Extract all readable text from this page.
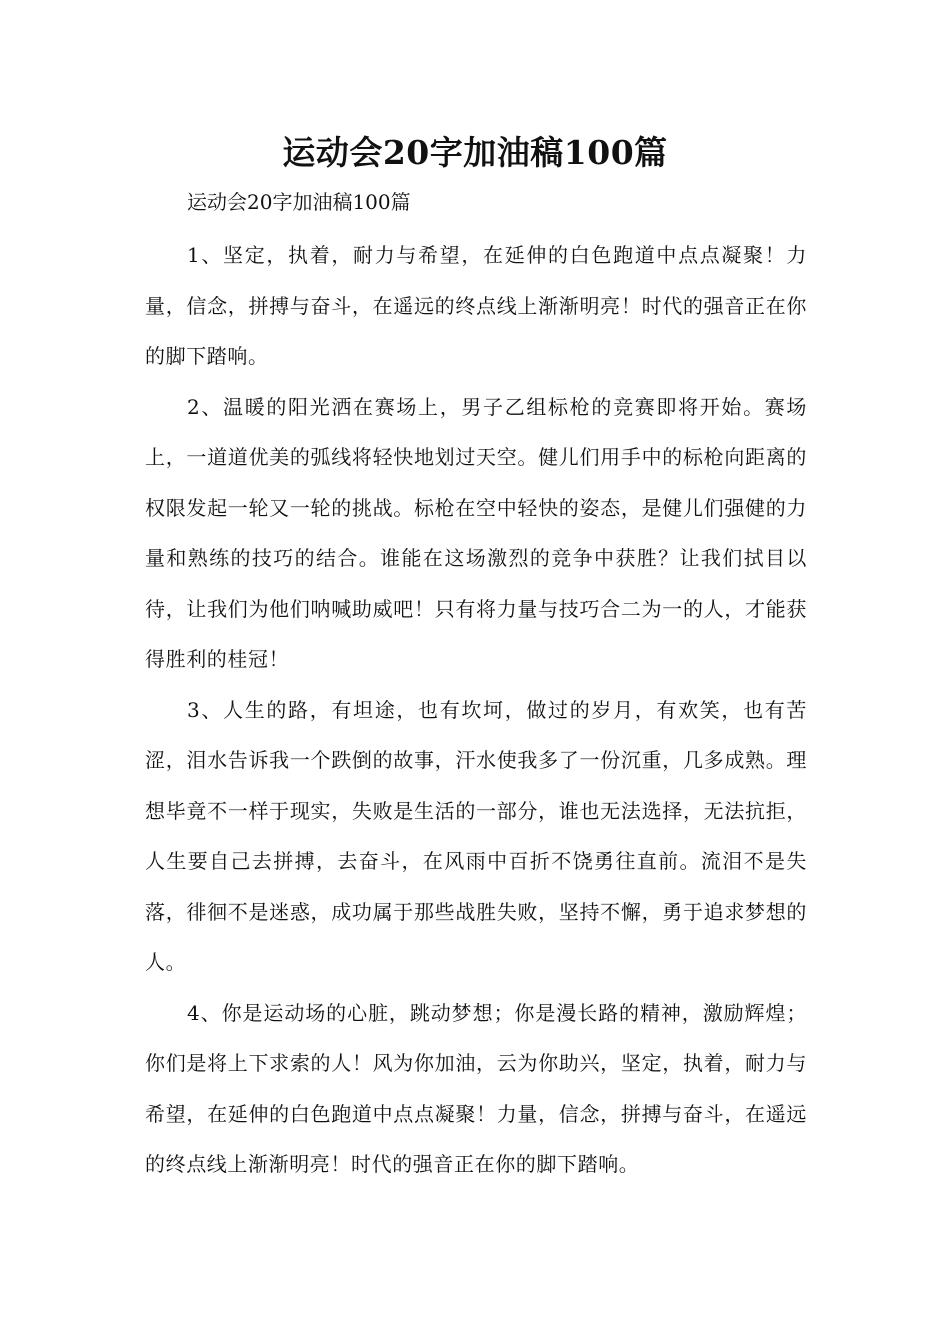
运动会20字加油稿100篇

运动会20字加油稿100篇

1、坚定，执着，耐力与希望，在延伸的白色跑道中点点凝聚！力量，信念，拼搏与奋斗，在遥远的终点线上渐渐明亮！时代的强音正在你的脚下踏响。

2、温暖的阳光洒在赛场上，男子乙组标枪的竞赛即将开始。赛场上，一道道优美的弧线将轻快地划过天空。健儿们用手中的标枪向距离的权限发起一轮又一轮的挑战。标枪在空中轻快的姿态，是健儿们强健的力量和熟练的技巧的结合。谁能在这场激烈的竞争中获胜？让我们拭目以待，让我们为他们呐喊助威吧！只有将力量与技巧合二为一的人，才能获得胜利的桂冠！

3、人生的路，有坦途，也有坎坷，做过的岁月，有欢笑，也有苦涩，泪水告诉我一个跌倒的故事，汗水使我多了一份沉重，几多成熟。理想毕竟不一样于现实，失败是生活的一部分，谁也无法选择，无法抗拒，人生要自己去拼搏，去奋斗，在风雨中百折不饶勇往直前。流泪不是失落，徘徊不是迷惑，成功属于那些战胜失败，坚持不懈，勇于追求梦想的人。

4、你是运动场的心脏，跳动梦想；你是漫长路的精神，激励辉煌；你们是将上下求索的人！风为你加油，云为你助兴，坚定，执着，耐力与希望，在延伸的白色跑道中点点凝聚！力量，信念，拼搏与奋斗，在遥远的终点线上渐渐明亮！时代的强音正在你的脚下踏响。
